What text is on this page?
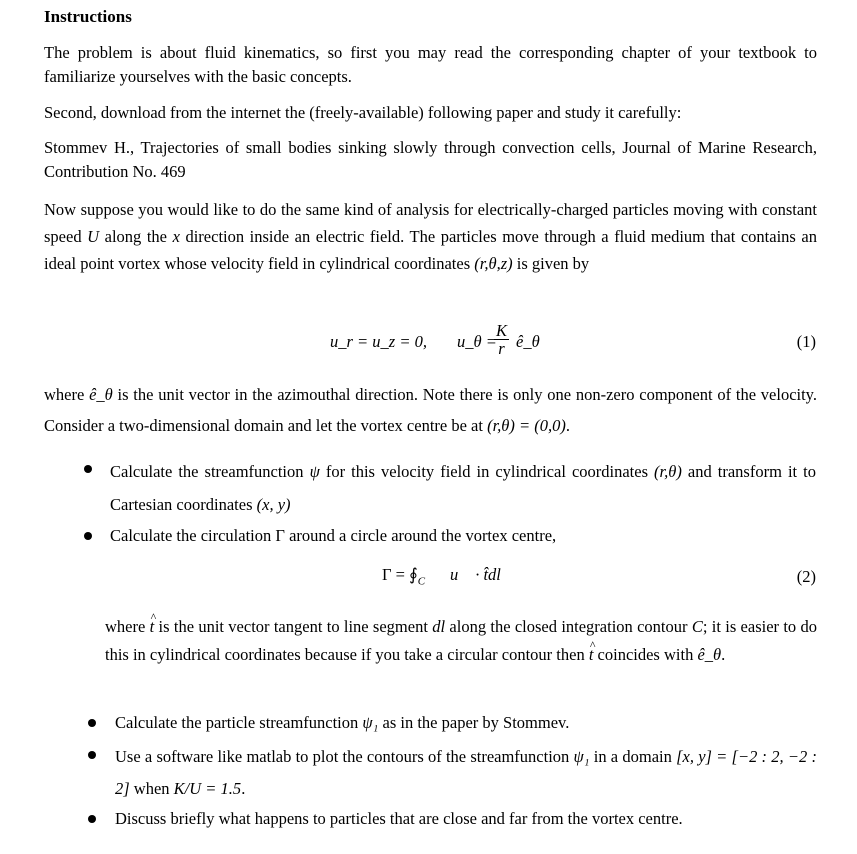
Instructions
The problem is about fluid kinematics, so first you may read the corresponding chapter of your textbook to familiarize yourselves with the basic concepts.
Second, download from the internet the (freely-available) following paper and study it carefully:
Stommev H., Trajectories of small bodies sinking slowly through convection cells, Journal of Marine Research, Contribution No. 469
Now suppose you would like to do the same kind of analysis for electrically-charged particles moving with constant speed U along the x direction inside an electric field. The particles move through a fluid medium that contains an ideal point vortex whose velocity field in cylindrical coordinates (r,θ,z) is given by
u_r = u_z = 0, u_θ =
$\frac{K}{r}$ ê_θ	(1)
where ê_θ is the unit vector in the azimouthal direction. Note there is only one non-zero component of the velocity. Consider a two-dimensional domain and let the vortex centre be at (r,θ) = (0,0).
Calculate the streamfunction ψ for this velocity field in cylindrical coordinates (r,θ) and transform it to Cartesian coordinates (x, y)
Calculate the circulation Γ around a circle around the vortex centre,
$\Gamma = ∮_C$ u⃗ · t̂dl	(2)
where ^ t is the unit vector tangent to line segment dl along the closed integration contour C; it is easier to do this in cylindrical coordinates because if you take a circular contour then ^ t coincides with ê_θ.
Calculate the particle streamfunction ψ₁ as in the paper by Stommev.
Use a software like matlab to plot the contours of the streamfunction ψ₁ in a domain [x, y] = [−2 : 2, −2 : 2] when K/U = 1.5.
Discuss briefly what happens to particles that are close and far from the vortex centre.
